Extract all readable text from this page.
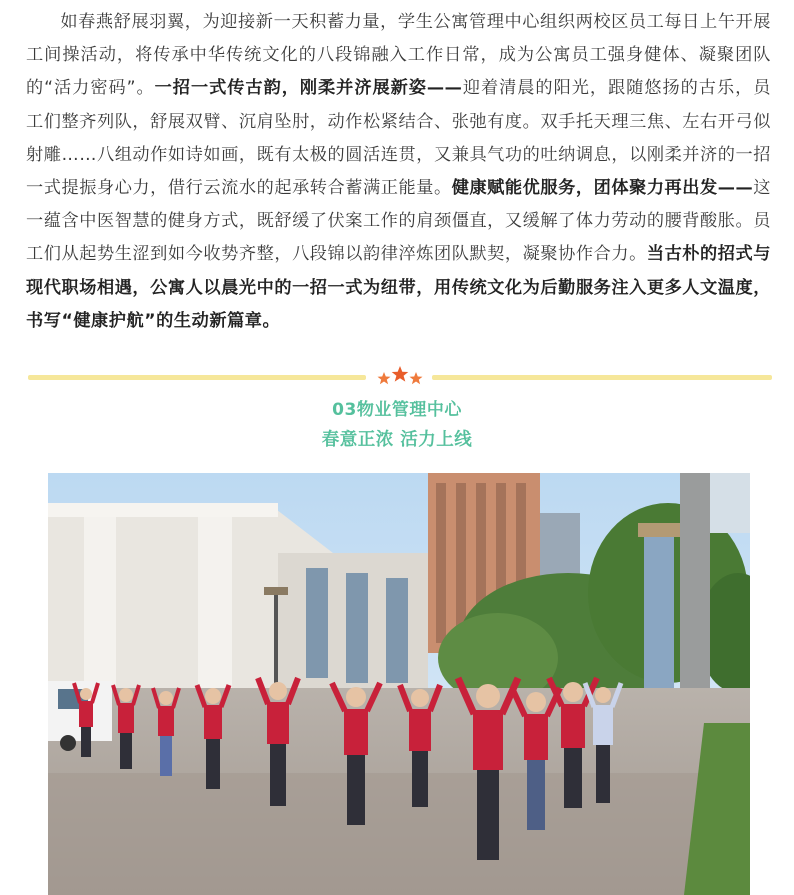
如春燕舒展羽翼，为迎接新一天积蓄力量，学生公寓管理中心组织两校区员工每日上午开展工间操活动，将传承中华传统文化的八段锦融入工作日常，成为公寓员工强身健体、凝聚团队的“活力密码”。一招一式传古韵，刚柔并济展新姿——迎着清晨的阳光，跟随悠扬的古乐，员工们整齐列队，舒展双臂、沉肩坠肘，动作松紧结合、张弛有度。双手托天理三焦、左右开弓似射雕……八组动作如诗如画，既有太极的圆活连贯，又兼具气功的吐纳调息，以刚柔并济的一招一式提振身心力，借行云流水的起承转合蓄满正能量。健康赋能优服务，团体聚力再出发——这一蕴含中医智慧的健身方式，既舒缓了伏案工作的肩颈僵直，又缓解了体力劳动的腰背酸胀。员工们从起势生涩到如今收势齐整，八段锦以韵律淬炼团队默契，凝聚协作合力。当古朴的招式与现代职场相遇，公寓人以晨光中的一招一式为纽带，用传统文化为后勤服务注入更多人文温度，书写“健康护航”的生动新篇章。

03物业管理中心
春意正浓 活力上线
